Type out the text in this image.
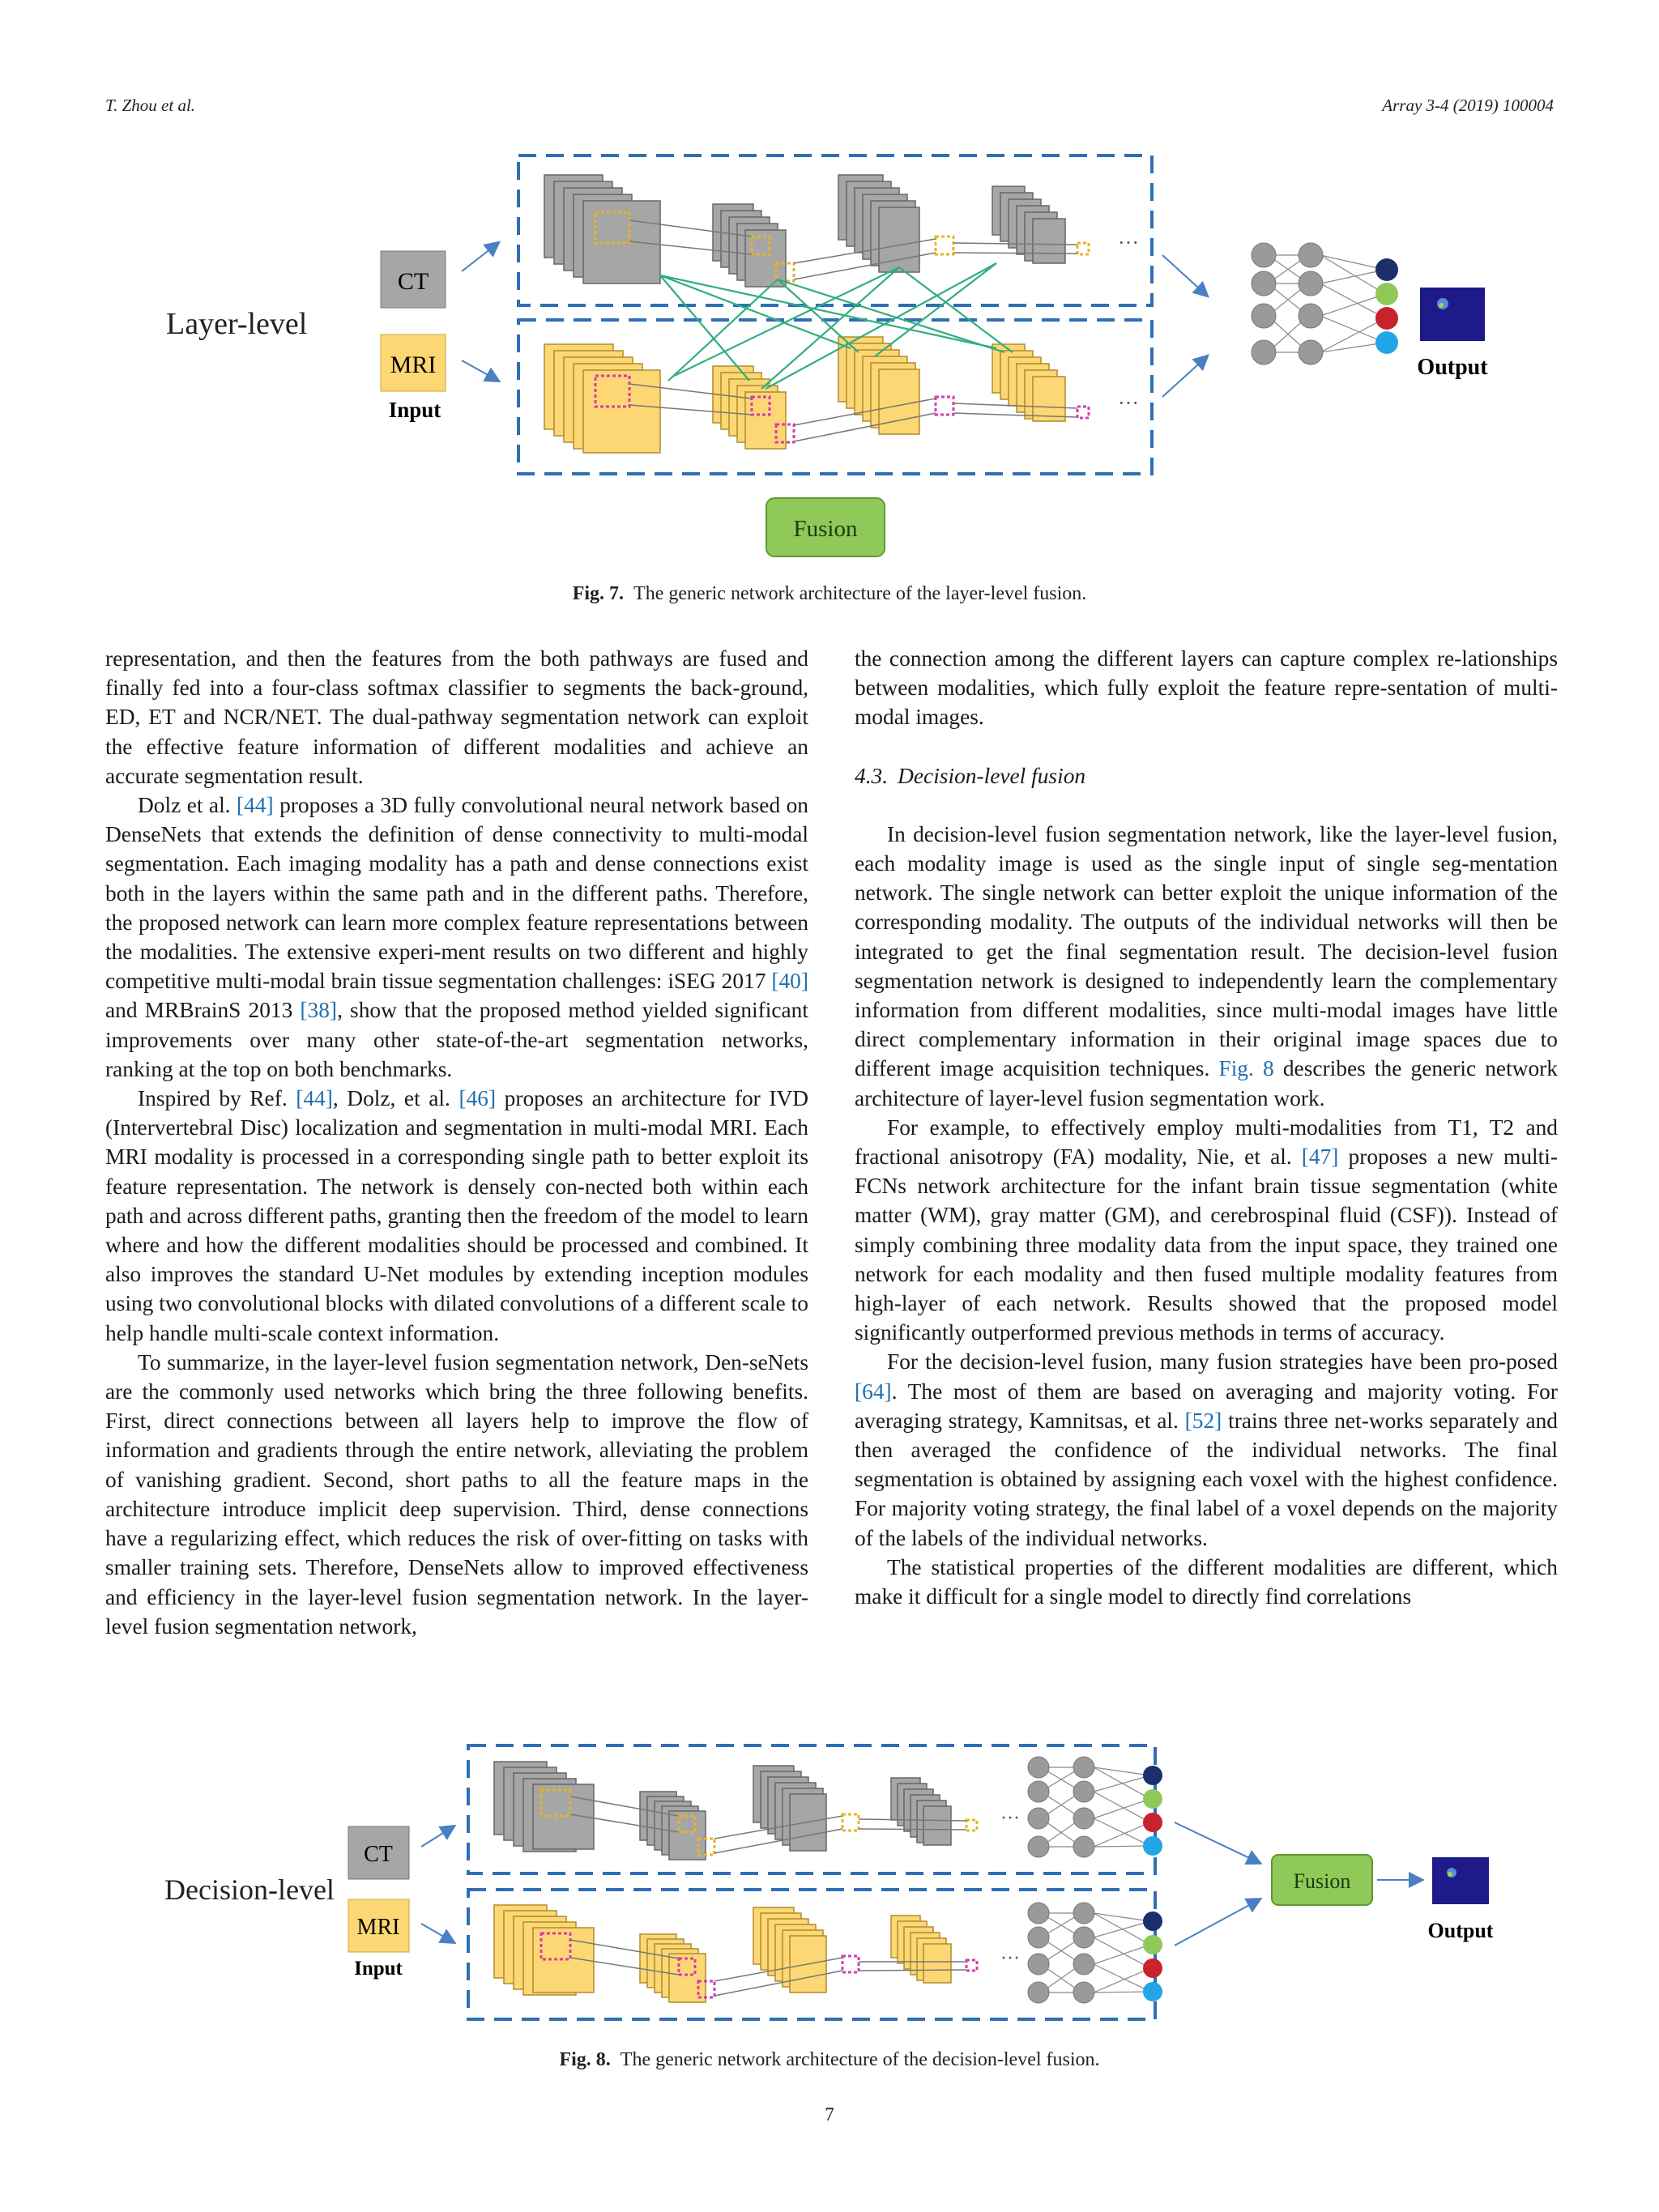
T. Zhou et al.	Array 3-4 (2019) 100004
Layer-level
CT
MRI
Input
···
···
Output
Fusion
Fig. 7. The generic network architecture of the layer-level fusion.

representation, and then the features from the both pathways are fused and finally fed into a four-class softmax classifier to segments the back-ground, ED, ET and NCR/NET. The dual-pathway segmentation network can exploit the effective feature information of different modalities and achieve an accurate segmentation result.

Dolz et al. [44] proposes a 3D fully convolutional neural network based on DenseNets that extends the definition of dense connectivity to multi-modal segmentation. Each imaging modality has a path and dense connections exist both in the layers within the same path and in the different paths. Therefore, the proposed network can learn more complex feature representations between the modalities. The extensive experi-ment results on two different and highly competitive multi-modal brain tissue segmentation challenges: iSEG 2017 [40] and MRBrainS 2013 [38], show that the proposed method yielded significant improvements over many other state-of-the-art segmentation networks, ranking at the top on both benchmarks.

Inspired by Ref. [44], Dolz, et al. [46] proposes an architecture for IVD (Intervertebral Disc) localization and segmentation in multi-modal MRI. Each MRI modality is processed in a corresponding single path to better exploit its feature representation. The network is densely con-nected both within each path and across different paths, granting then the freedom of the model to learn where and how the different modalities should be processed and combined. It also improves the standard U-Net modules by extending inception modules using two convolutional blocks with dilated convolutions of a different scale to help handle multi-scale context information.

To summarize, in the layer-level fusion segmentation network, Den-seNets are the commonly used networks which bring the three following benefits. First, direct connections between all layers help to improve the flow of information and gradients through the entire network, alleviating the problem of vanishing gradient. Second, short paths to all the feature maps in the architecture introduce implicit deep supervision. Third, dense connections have a regularizing effect, which reduces the risk of over-fitting on tasks with smaller training sets. Therefore, DenseNets allow to improved effectiveness and efficiency in the layer-level fusion segmentation network. In the layer-level fusion segmentation network,

the connection among the different layers can capture complex re-lationships between modalities, which fully exploit the feature repre-sentation of multi-modal images.

4.3. Decision-level fusion

In decision-level fusion segmentation network, like the layer-level fusion, each modality image is used as the single input of single seg-mentation network. The single network can better exploit the unique information of the corresponding modality. The outputs of the individual networks will then be integrated to get the final segmentation result. The decision-level fusion segmentation network is designed to independently learn the complementary information from different modalities, since multi-modal images have little direct complementary information in their original image spaces due to different image acquisition techniques. Fig. 8 describes the generic network architecture of layer-level fusion segmentation work.

For example, to effectively employ multi-modalities from T1, T2 and fractional anisotropy (FA) modality, Nie, et al. [47] proposes a new multi-FCNs network architecture for the infant brain tissue segmentation (white matter (WM), gray matter (GM), and cerebrospinal fluid (CSF)). Instead of simply combining three modality data from the input space, they trained one network for each modality and then fused multiple modality features from high-layer of each network. Results showed that the proposed model significantly outperformed previous methods in terms of accuracy.

For the decision-level fusion, many fusion strategies have been pro-posed [64]. The most of them are based on averaging and majority voting. For averaging strategy, Kamnitsas, et al. [52] trains three net-works separately and then averaged the confidence of the individual networks. The final segmentation is obtained by assigning each voxel with the highest confidence. For majority voting strategy, the final label of a voxel depends on the majority of the labels of the individual networks.

The statistical properties of the different modalities are different, which make it difficult for a single model to directly find correlations

Decision-level
CT
MRI
Input
···
···
Fusion
Output
Fig. 8. The generic network architecture of the decision-level fusion.
7
